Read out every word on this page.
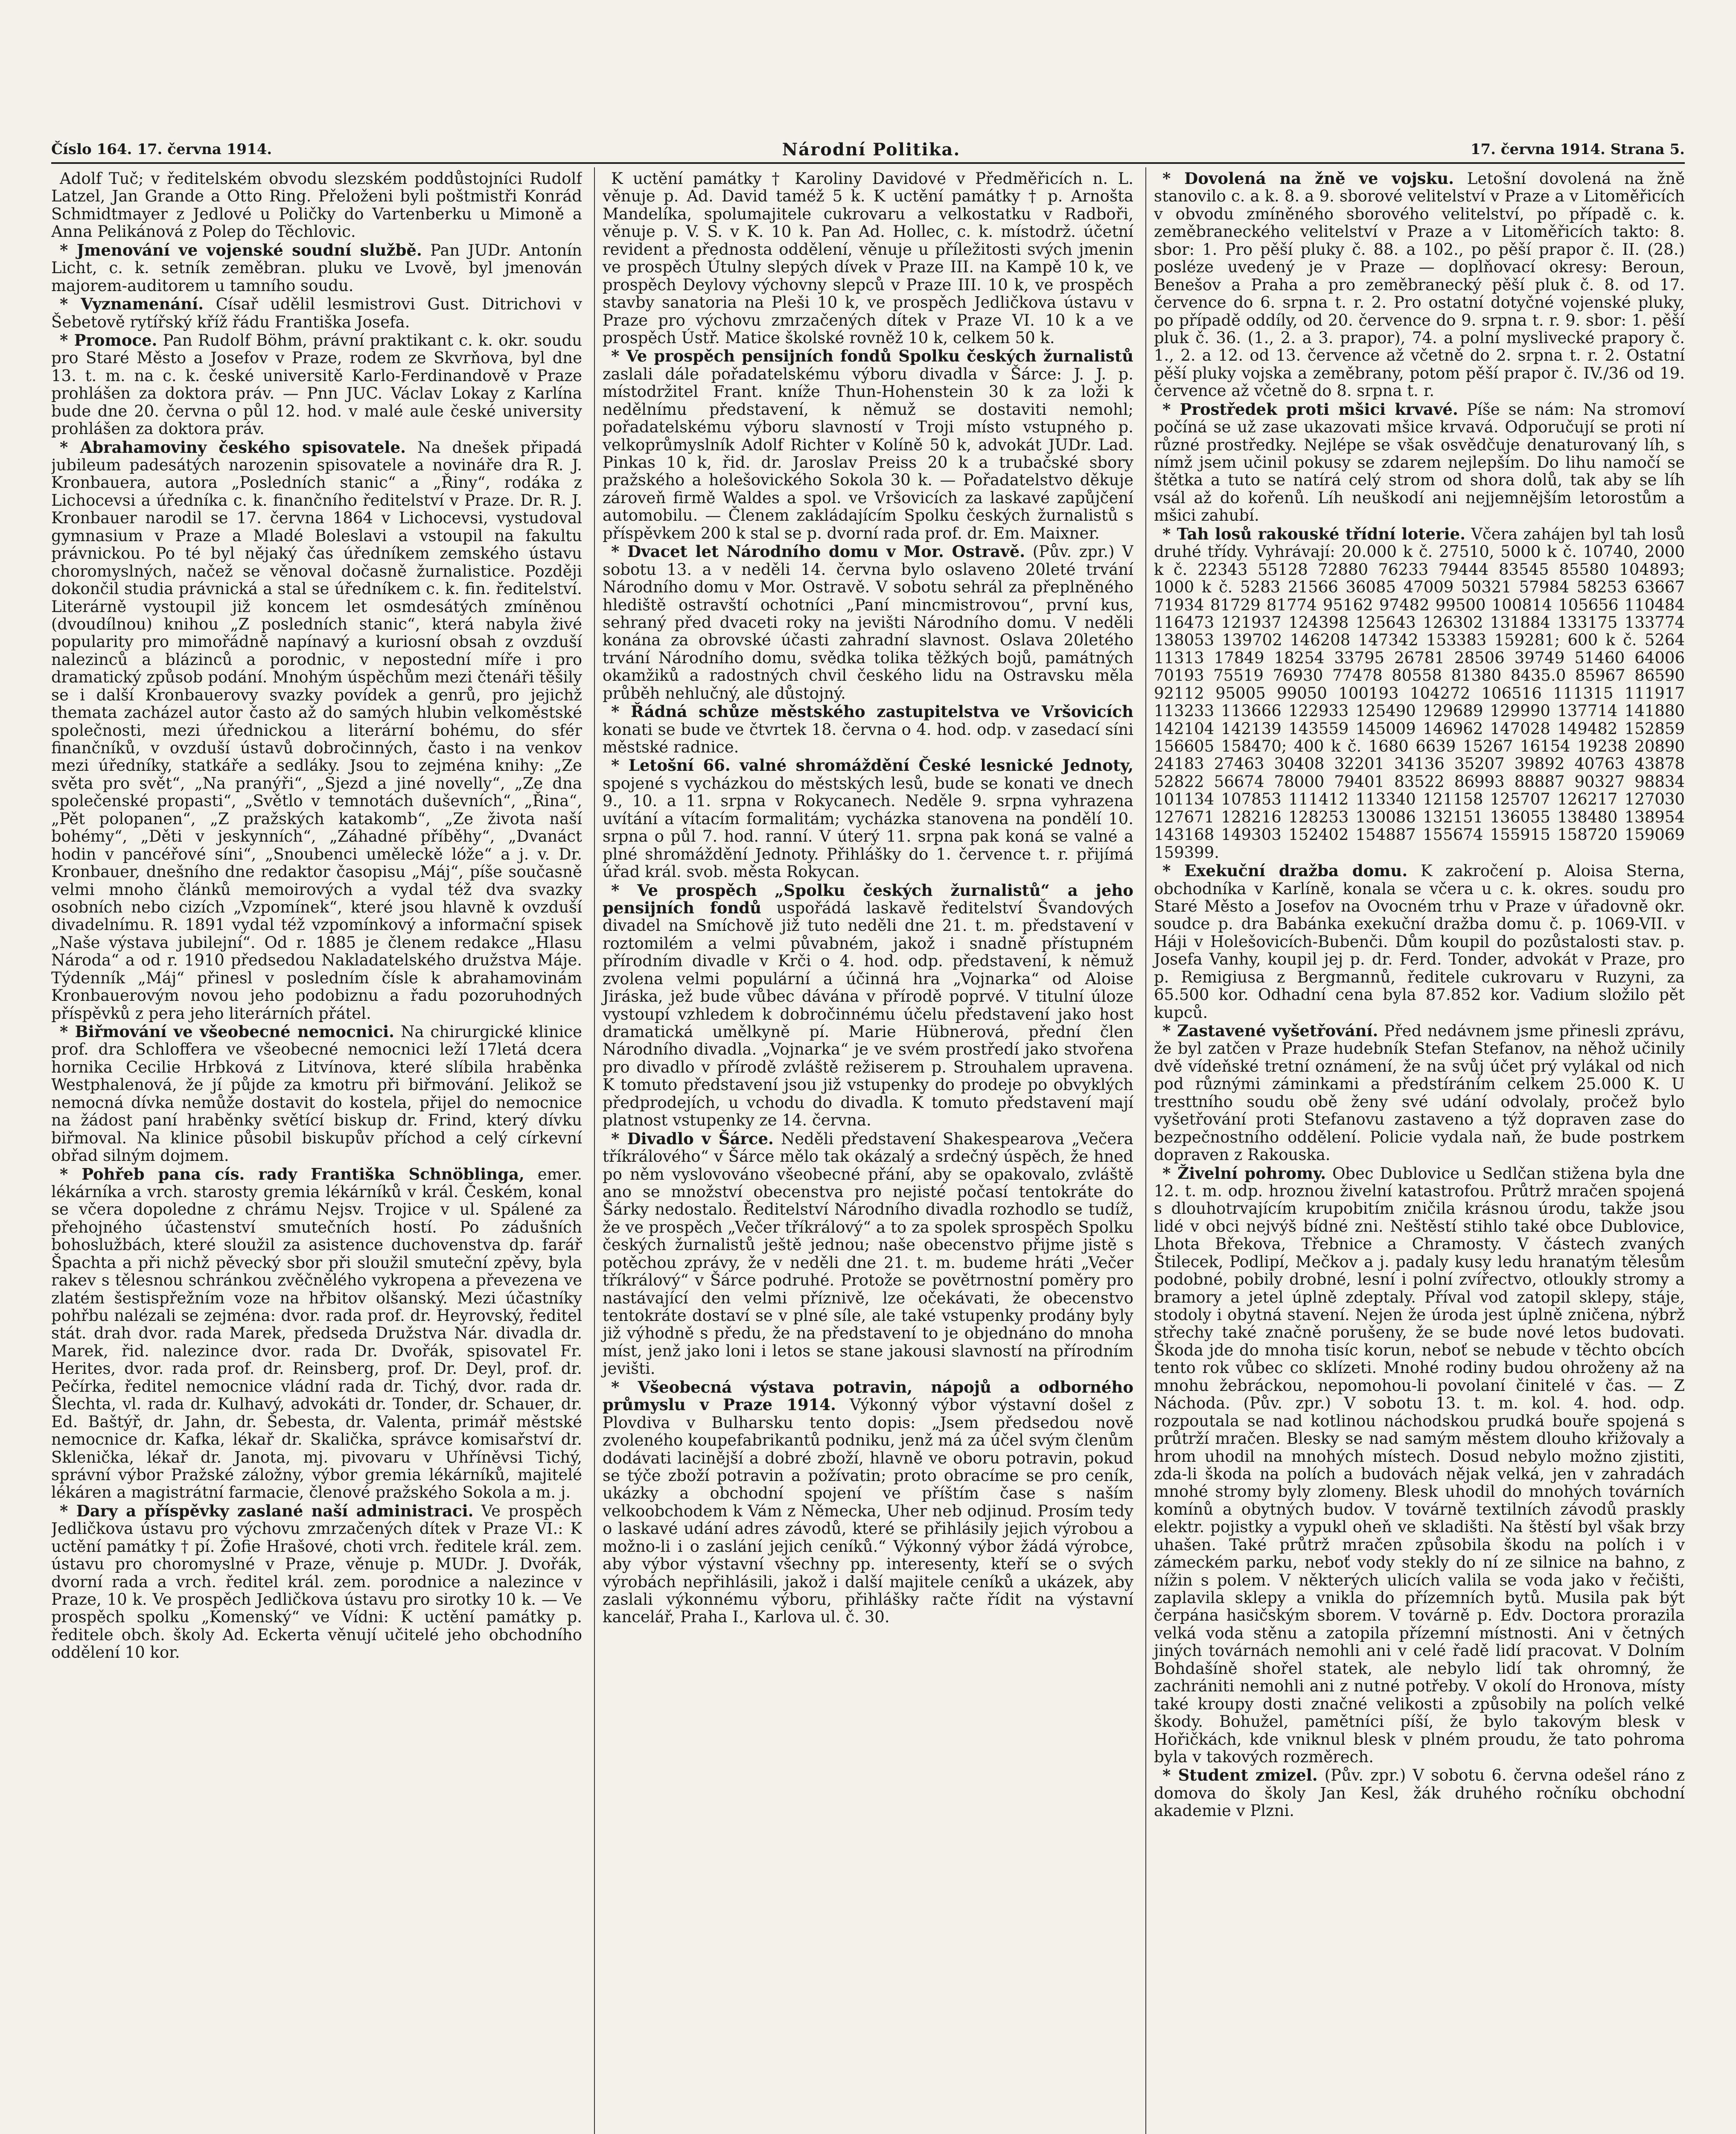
Číslo 164. 17. června 1914.	Národní Politika.	17. června 1914. Strana 5.

Adolf Tuč; v ředitelském obvodu slezském poddůstojníci Rudolf Latzel, Jan Grande a Otto Ring. Přeloženi byli poštmistři Konrád Schmidtmayer z Jedlové u Poličky do Vartenberku u Mimoně a Anna Pelikánová z Polep do Těchlovic.

* Jmenování ve vojenské soudní službě. Pan JUDr. Antonín Licht, c. k. setník zeměbran. pluku ve Lvově, byl jmenován majorem-auditorem u tamního soudu.

* Vyznamenání. Císař udělil lesmistrovi Gust. Ditrichovi v Šebetově rytířský kříž řádu Františka Josefa.

* Promoce. Pan Rudolf Böhm, právní praktikant c. k. okr. soudu pro Staré Město a Josefov v Praze, rodem ze Skvrňova, byl dne 13. t. m. na c. k. české universitě Karlo-Ferdinandově v Praze prohlášen za doktora práv. — Pnn JUC. Václav Lokay z Karlína bude dne 20. června o půl 12. hod. v malé aule české university prohlášen za doktora práv.

* Abrahamoviny českého spisovatele. Na dnešek připadá jubileum padesátých narozenin spisovatele a novináře dra R. J. Kronbauera, autora „Posledních stanic“ a „Řiny“, rodáka z Lichocevsi a úředníka c. k. finančního ředitelství v Praze. Dr. R. J. Kronbauer narodil se 17. června 1864 v Lichocevsi, vystudoval gymnasium v Praze a Mladé Boleslavi a vstoupil na fakultu právnickou. Po té byl nějaký čas úředníkem zemského ústavu choromyslných, načež se věnoval dočasně žurnalistice. Později dokončil studia právnická a stal se úředníkem c. k. fin. ředitelství. Literárně vystoupil již koncem let osmdesátých zmíněnou (dvoudílnou) knihou „Z posledních stanic“, která nabyla živé popularity pro mimořádně napínavý a kuriosní obsah z ovzduší nalezinců a blázinců a porodnic, v nepostední míře i pro dramatický způsob podání. Mnohým úspěchům mezi čtenáři těšily se i další Kronbauerovy svazky povídek a genrů, pro jejichž themata zacházel autor často až do samých hlubin velkoměstské společnosti, mezi úřednickou a literární bohému, do sfér finančníků, v ovzduší ústavů dobročinných, často i na venkov mezi úředníky, statkáře a sedláky. Jsou to zejména knihy: „Ze světa pro svět“, „Na pranýři“, „Sjezd a jiné novelly“, „Ze dna společenské propasti“, „Světlo v temnotách duševních“, „Řina“, „Pět polopanen“, „Z pražských katakomb“, „Ze života naší bohémy“, „Děti v jeskynních“, „Záhadné příběhy“, „Dvanáct hodin v pancéřové síni“, „Snoubenci uměleckě lóže“ a j. v. Dr. Kronbauer, dnešního dne redaktor časopisu „Máj“, píše současně velmi mnoho článků memoirových a vydal též dva svazky osobních nebo cizích „Vzpomínek“, které jsou hlavně k ovzduší divadelnímu. R. 1891 vydal též vzpomínkový a informační spisek „Naše výstava jubilejní“. Od r. 1885 je členem redakce „Hlasu Národa“ a od r. 1910 předsedou Nakladatelského družstva Máje. Týdenník „Máj“ přinesl v posledním čísle k abrahamovinám Kronbauerovým novou jeho podobiznu a řadu pozoruhodných příspěvků z pera jeho literárních přátel.

* Biřmování ve všeobecné nemocnici. Na chirurgické klinice prof. dra Schloffera ve všeobecné nemocnici leží 17letá dcera hornika Cecilie Hrbková z Litvínova, které slíbila hraběnka Westphalenová, že jí půjde za kmotru při biřmování. Jelikož se nemocná dívka nemůže dostavit do kostela, přijel do nemocnice na žádost paní hraběnky světící biskup dr. Frind, který dívku biřmoval. Na klinice působil biskupův příchod a celý církevní obřad silným dojmem.

* Pohřeb pana cís. rady Františka Schnöblinga, emer. lékárníka a vrch. starosty gremia lékárníků v král. Českém, konal se včera dopoledne z chrámu Nejsv. Trojice v ul. Spálené za přehojného účastenství smutečních hostí. Po zádušních bohoslužbách, které sloužil za asistence duchovenstva dp. farář Špachta a při nichž pěvecký sbor při sloužil smuteční zpěvy, byla rakev s tělesnou schránkou zvěčnělého vykropena a převezena ve zlatém šestispřežním voze na hřbitov olšanský. Mezi účastníky pohřbu nalézali se zejména: dvor. rada prof. dr. Heyrovský, ředitel stát. drah dvor. rada Marek, předseda Družstva Nár. divadla dr. Marek, řid. nalezince dvor. rada Dr. Dvořák, spisovatel Fr. Herites, dvor. rada prof. dr. Reinsberg, prof. Dr. Deyl, prof. dr. Pečírka, ředitel nemocnice vládní rada dr. Tichý, dvor. rada dr. Šlechta, vl. rada dr. Kulhavý, advokáti dr. Tonder, dr. Schauer, dr. Ed. Baštýř, dr. Jahn, dr. Šebesta, dr. Valenta, primář městské nemocnice dr. Kafka, lékař dr. Skalička, správce komisařství dr. Sklenička, lékař dr. Janota, mj. pivovaru v Uhříněvsi Tichý, správní výbor Pražské záložny, výbor gremia lékárníků, majitelé lékáren a magistrátní farmacie, členové pražského Sokola a m. j.

* Dary a příspěvky zaslané naší administraci. Ve prospěch Jedličkova ústavu pro výchovu zmrzačených dítek v Praze VI.: K uctění památky † pí. Žofie Hrašové, choti vrch. ředitele král. zem. ústavu pro choromyslné v Praze, věnuje p. MUDr. J. Dvořák, dvorní rada a vrch. ředitel král. zem. porodnice a nalezince v Praze, 10 k. Ve prospěch Jedličkova ústavu pro sirotky 10 k. — Ve prospěch spolku „Komenský“ ve Vídni: K uctění památky p. ředitele obch. školy Ad. Eckerta věnují učitelé jeho obchodního oddělení 10 kor.

K uctění památky † Karoliny Davidové v Předměřicích n. L. věnuje p. Ad. David taméž 5 k. K uctění památky † p. Arnošta Mandelíka, spolumajitele cukrovaru a velkostatku v Radboři, věnuje p. V. S. v K. 10 k. Pan Ad. Hollec, c. k. místodrž. účetní revident a přednosta oddělení, věnuje u příležitosti svých jmenin ve prospěch Útulny slepých dívek v Praze III. na Kampě 10 k, ve prospěch Deylovy výchovny slepců v Praze III. 10 k, ve prospěch stavby sanatoria na Pleši 10 k, ve prospěch Jedličkova ústavu v Praze pro výchovu zmrzačených dítek v Praze VI. 10 k a ve prospěch Ústř. Matice školské rovněž 10 k, celkem 50 k.

* Ve prospěch pensijních fondů Spolku českých žurnalistů zaslali dále pořadatelskému výboru divadla v Šárce: J. J. p. místodržitel Frant. kníže Thun-Hohenstein 30 k za loži k nedělnímu představení, k němuž se dostaviti nemohl; pořadatelskému výboru slavností v Troji místo vstupného p. velkoprůmyslník Adolf Richter v Kolíně 50 k, advokát JUDr. Lad. Pinkas 10 k, řid. dr. Jaroslav Preiss 20 k a trubačské sbory pražského a holešovického Sokola 30 k. — Pořadatelstvo děkuje zároveň firmě Waldes a spol. ve Vršovicích za laskavé zapůjčení automobilu. — Členem zakládajícím Spolku českých žurnalistů s příspěvkem 200 k stal se p. dvorní rada prof. dr. Em. Maixner.

* Dvacet let Národního domu v Mor. Ostravě. (Pův. zpr.) V sobotu 13. a v neděli 14. června bylo oslaveno 20leté trvání Národního domu v Mor. Ostravě. V sobotu sehrál za přeplněného hlediště ostravští ochotníci „Paní mincmistrovou“, první kus, sehraný před dvaceti roky na jevišti Národního domu. V neděli konána za obrovské účasti zahradní slavnost. Oslava 20letého trvání Národního domu, svědka tolika těžkých bojů, památných okamžiků a radostných chvil českého lidu na Ostravsku měla průběh nehlučný, ale důstojný.

* Řádná schůze městského zastupitelstva ve Vršovicích konati se bude ve čtvrtek 18. června o 4. hod. odp. v zasedací síni městské radnice.

* Letošní 66. valné shromáždění České lesnické Jednoty, spojené s vycházkou do městských lesů, bude se konati ve dnech 9., 10. a 11. srpna v Rokycanech. Neděle 9. srpna vyhrazena uvítání a vítacím formalitám; vycházka stanovena na pondělí 10. srpna o půl 7. hod. ranní. V úterý 11. srpna pak koná se valné a plné shromáždění Jednoty. Přihlášky do 1. července t. r. přijímá úřad král. svob. města Rokycan.

* Ve prospěch „Spolku českých žurnalistů“ a jeho pensijních fondů uspořádá laskavě ředitelství Švandových divadel na Smíchově již tuto neděli dne 21. t. m. představení v roztomilém a velmi půvabném, jakož i snadně přístupném přírodním divadle v Krči o 4. hod. odp. představení, k němuž zvolena velmi populární a účinná hra „Vojnarka“ od Aloise Jiráska, jež bude vůbec dávána v přírodě poprvé. V titulní úloze vystoupí vzhledem k dobročinnému účelu představení jako host dramatická umělkyně pí. Marie Hübnerová, přední člen Národního divadla. „Vojnarka“ je ve svém prostředí jako stvořena pro divadlo v přírodě zvláště režiserem p. Strouhalem upravena. K tomuto představení jsou již vstupenky do prodeje po obvyklých předprodejích, u vchodu do divadla. K tomuto představení mají platnost vstupenky ze 14. června.

* Divadlo v Šárce. Neděli představení Shakespearova „Večera tříkrálového“ v Šárce mělo tak okázalý a srdečný úspěch, že hned po něm vyslovováno všeobecné přání, aby se opakovalo, zvláště ano se množství obecenstva pro nejisté počasí tentokráte do Šárky nedostalo. Ředitelství Národního divadla rozhodlo se tudíž, že ve prospěch „Večer tříkrálový“ a to za spolek sprospěch Spolku českých žurnalistů ještě jednou; naše obecenstvo přijme jistě s potěchou zprávy, že v neděli dne 21. t. m. budeme hráti „Večer tříkrálový“ v Šárce podruhé. Protože se povětrnostní poměry pro nastávající den velmi příznivě, lze očekávati, že obecenstvo tentokráte dostaví se v plné síle, ale také vstupenky prodány byly již výhodně s předu, že na představení to je objednáno do mnoha míst, jenž jako loni i letos se stane jakousi slavností na přírodním jevišti.

* Všeobecná výstava potravin, nápojů a odborného průmyslu v Praze 1914. Výkonný výbor výstavní došel z Plovdiva v Bulharsku tento dopis: „Jsem předsedou nově zvoleného koupefabrikantů podniku, jenž má za účel svým členům dodávati lacinější a dobré zboží, hlavně ve oboru potravin, pokud se týče zboží potravin a požívatin; proto obracíme se pro ceník, ukázky a obchodní spojení ve příštím čase s naším velkoobchodem k Vám z Německa, Uher neb odjinud. Prosím tedy o laskavé udání adres závodů, které se přihlásily jejich výrobou a možno-li i o zaslání jejich ceníků.“ Výkonný výbor žádá výrobce, aby výbor výstavní všechny pp. interesenty, kteří se o svých výrobách nepřihlásili, jakož i další majitele ceníků a ukázek, aby zaslali výkonnému výboru, přihlášky račte řídit na výstavní kancelář, Praha I., Karlova ul. č. 30.

* Dovolená na žně ve vojsku. Letošní dovolená na žně stanovilo c. a k. 8. a 9. sborové velitelství v Praze a v Litoměřicích v obvodu zmíněného sborového velitelství, po případě c. k. zeměbraneckého velitelství v Praze a v Litoměřicích takto: 8. sbor: 1. Pro pěší pluky č. 88. a 102., po pěší prapor č. II. (28.) posléze uvedený je v Praze — doplňovací okresy: Beroun, Benešov a Praha a pro zeměbranecký pěší pluk č. 8. od 17. července do 6. srpna t. r. 2. Pro ostatní dotyčné vojenské pluky, po případě oddíly, od 20. července do 9. srpna t. r. 9. sbor: 1. pěší pluk č. 36. (1., 2. a 3. prapor), 74. a polní myslivecké prapory č. 1., 2. a 12. od 13. července až včetně do 2. srpna t. r. 2. Ostatní pěší pluky vojska a zeměbrany, potom pěší prapor č. IV./36 od 19. července až včetně do 8. srpna t. r.

* Prostředek proti mšici krvavé. Píše se nám: Na stromoví počíná se už zase ukazovati mšice krvavá. Odporučují se proti ní různé prostředky. Nejlépe se však osvědčuje denaturovaný líh, s nímž jsem učinil pokusy se zdarem nejlepším. Do lihu namočí se štětka a tuto se natírá celý strom od shora dolů, tak aby se líh vsál až do kořenů. Líh neuškodí ani nejjemnějším letorostům a mšici zahubí.

* Tah losů rakouské třídní loterie. Včera zahájen byl tah losů druhé třídy. Vyhrávají: 20.000 k č. 27510, 5000 k č. 10740, 2000 k č. 22343 55128 72880 76233 79444 83545 85580 104893; 1000 k č. 5283 21566 36085 47009 50321 57984 58253 63667 71934 81729 81774 95162 97482 99500 100814 105656 110484 116473 121937 124398 125643 126302 131884 133175 133774 138053 139702 146208 147342 153383 159281; 600 k č. 5264 11313 17849 18254 33795 26781 28506 39749 51460 64006 70193 75519 76930 77478 80558 81380 8435.0 85967 86590 92112 95005 99050 100193 104272 106516 111315 111917 113233 113666 122933 125490 129689 129990 137714 141880 142104 142139 143559 145009 146962 147028 149482 152859 156605 158470; 400 k č. 1680 6639 15267 16154 19238 20890 24183 27463 30408 32201 34136 35207 39892 40763 43878 52822 56674 78000 79401 83522 86993 88887 90327 98834 101134 107853 111412 113340 121158 125707 126217 127030 127671 128216 128253 130086 132151 136055 138480 138954 143168 149303 152402 154887 155674 155915 158720 159069 159399.

* Exekuční dražba domu. K zakročení p. Aloisa Sterna, obchodníka v Karlíně, konala se včera u c. k. okres. soudu pro Staré Město a Josefov na Ovocném trhu v Praze v úřadovně okr. soudce p. dra Babánka exekuční dražba domu č. p. 1069-VII. v Háji v Holešovicích-Bubenči. Dům koupil do pozůstalosti stav. p. Josefa Vanhy, koupil jej p. dr. Ferd. Tonder, advokát v Praze, pro p. Remigiusa z Bergmannů, ředitele cukrovaru v Ruzyni, za 65.500 kor. Odhadní cena byla 87.852 kor. Vadium složilo pět kupců.

* Zastavené vyšetřování. Před nedávnem jsme přinesli zprávu, že byl zatčen v Praze hudebník Stefan Stefanov, na něhož učinily dvě vídeňské tretní oznámení, že na svůj účet prý vylákal od nich pod různými záminkami a předstíráním celkem 25.000 K. U tresttního soudu obě ženy své udání odvolaly, pročež bylo vyšetřování proti Stefanovu zastaveno a týž dopraven zase do bezpečnostního oddělení. Policie vydala naň, že bude postrkem dopraven z Rakouska.

* Živelní pohromy. Obec Dublovice u Sedlčan stižena byla dne 12. t. m. odp. hroznou živelní katastrofou. Průtrž mračen spojená s dlouhotrvajícím krupobitím zničila krásnou úrodu, takže jsou lidé v obci nejvýš bídné zni. Neštěstí stihlo také obce Dublovice, Lhota Břekova, Třebnice a Chramosty. V částech zvaných Štilecek, Podlipí, Mečkov a j. padaly kusy ledu hranatým tělesům podobné, pobily drobné, lesní i polní zvířectvo, otloukly stromy a bramory a jetel úplně zdeptaly. Příval vod zatopil sklepy, stáje, stodoly i obytná stavení. Nejen že úroda jest úplně zničena, nýbrž střechy také značně porušeny, že se bude nové letos budovati. Škoda jde do mnoha tisíc korun, neboť se nebude v těchto obcích tento rok vůbec co sklízeti. Mnohé rodiny budou ohroženy až na mnohu žebráckou, nepomohou-li povolaní činitelé v čas. — Z Náchoda. (Pův. zpr.) V sobotu 13. t. m. kol. 4. hod. odp. rozpoutala se nad kotlinou náchodskou prudká bouře spojená s průtrží mračen. Blesky se nad samým městem dlouho křižovaly a hrom uhodil na mnohých místech. Dosud nebylo možno zjistiti, zda-li škoda na polích a budovách nějak velká, jen v zahradách mnohé stromy byly zlomeny. Blesk uhodil do mnohých továrních komínů a obytných budov. V továrně textilních závodů praskly elektr. pojistky a vypukl oheň ve skladišti. Na štěstí byl však brzy uhašen. Také průtrž mračen způsobila škodu na polích i v zámeckém parku, neboť vody stekly do ní ze silnice na bahno, z nížin s polem. V některých ulicích valila se voda jako v řečišti, zaplavila sklepy a vnikla do přízemních bytů. Musila pak být čerpána hasičským sborem. V továrně p. Edv. Doctora prorazila velká voda stěnu a zatopila přízemní místnosti. Ani v četných jiných továrnách nemohli ani v celé řadě lidí pracovat. V Dolním Bohdašíně shořel statek, ale nebylo lidí tak ohromný, že zachrániti nemohli ani z nutné potřeby. V okolí do Hronova, místy také kroupy dosti značné velikosti a způsobily na polích velké škody. Bohužel, pamětníci píší, že bylo takovým blesk v Hořičkách, kde vniknul blesk v plném proudu, že tato pohroma byla v takových rozměrech.

* Student zmizel. (Pův. zpr.) V sobotu 6. června odešel ráno z domova do školy Jan Kesl, žák druhého ročníku obchodní akademie v Plzni.
